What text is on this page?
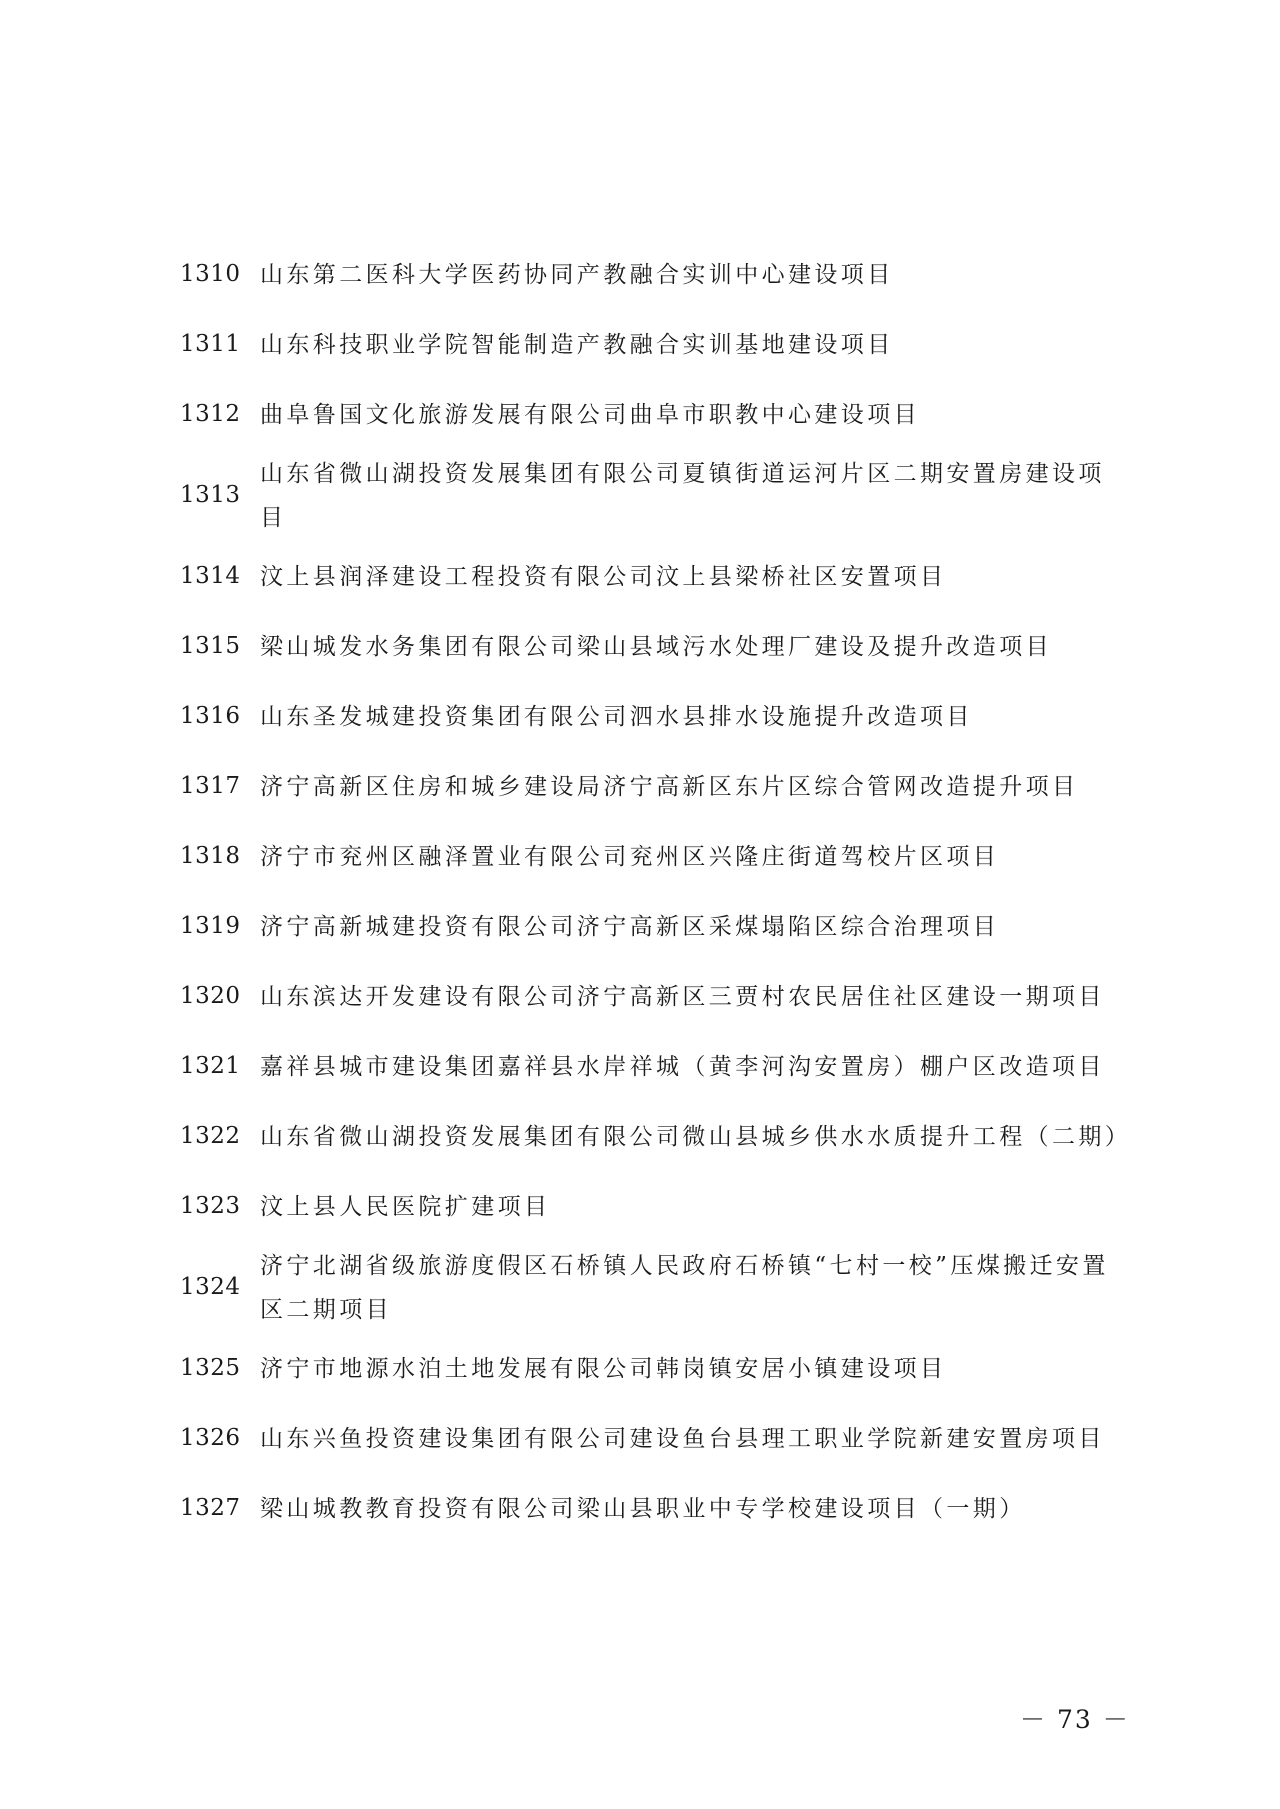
1310 山东第二医科大学医药协同产教融合实训中心建设项目
1311 山东科技职业学院智能制造产教融合实训基地建设项目
1312 曲阜鲁国文化旅游发展有限公司曲阜市职教中心建设项目
1313
山东省微山湖投资发展集团有限公司夏镇街道运河片区二期安置房建设项目
1314 汶上县润泽建设工程投资有限公司汶上县梁桥社区安置项目
1315 梁山城发水务集团有限公司梁山县域污水处理厂建设及提升改造项目
1316 山东圣发城建投资集团有限公司泗水县排水设施提升改造项目
1317 济宁高新区住房和城乡建设局济宁高新区东片区综合管网改造提升项目
1318 济宁市兖州区融泽置业有限公司兖州区兴隆庄街道驾校片区项目
1319 济宁高新城建投资有限公司济宁高新区采煤塌陷区综合治理项目
1320 山东滨达开发建设有限公司济宁高新区三贾村农民居住社区建设一期项目
1321 嘉祥县城市建设集团嘉祥县水岸祥城（黄李河沟安置房）棚户区改造项目
1322 山东省微山湖投资发展集团有限公司微山县城乡供水水质提升工程（二期）
1323 汶上县人民医院扩建项目
1324
济宁北湖省级旅游度假区石桥镇人民政府石桥镇“七村一校”压煤搬迁安置区二期项目
1325 济宁市地源水泊土地发展有限公司韩岗镇安居小镇建设项目
1326 山东兴鱼投资建设集团有限公司建设鱼台县理工职业学院新建安置房项目
1327 梁山城教教育投资有限公司梁山县职业中专学校建设项目（一期）
－ 73 －
